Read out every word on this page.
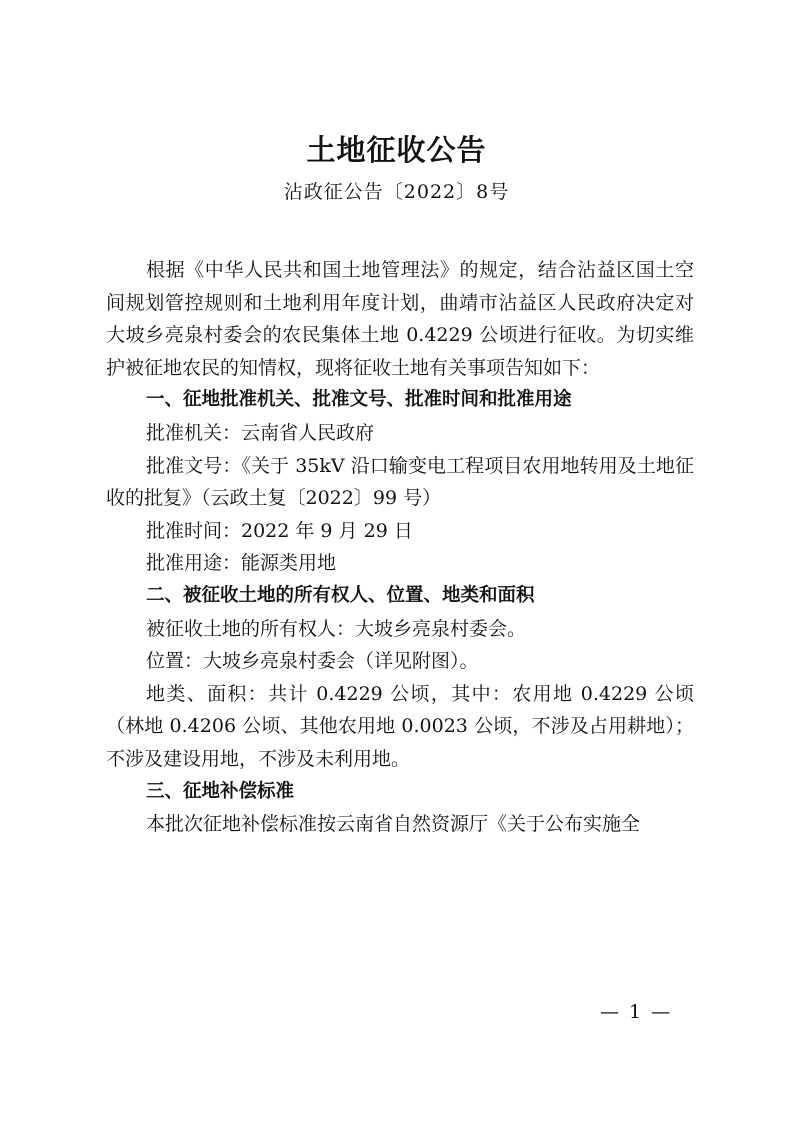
土地征收公告
沾政征公告〔2022〕8号

根据《中华人民共和国土地管理法》的规定，结合沾益区国土空间规划管控规则和土地利用年度计划，曲靖市沾益区人民政府决定对大坡乡亮泉村委会的农民集体土地 0.4229 公顷进行征收。为切实维护被征地农民的知情权，现将征收土地有关事项告知如下：

一、征地批准机关、批准文号、批准时间和批准用途

批准机关：云南省人民政府

批准文号：《关于 35kV 沿口输变电工程项目农用地转用及土地征收的批复》（云政土复〔2022〕99 号）

批准时间：2022 年 9 月 29 日

批准用途：能源类用地

二、被征收土地的所有权人、位置、地类和面积

被征收土地的所有权人：大坡乡亮泉村委会。

位置：大坡乡亮泉村委会（详见附图）。

地类、面积：共计 0.4229 公顷，其中：农用地 0.4229 公顷（林地 0.4206 公顷、其他农用地 0.0023 公顷，不涉及占用耕地）；不涉及建设用地，不涉及未利用地。

三、征地补偿标准

本批次征地补偿标准按云南省自然资源厅《关于公布实施全

— 1 —
